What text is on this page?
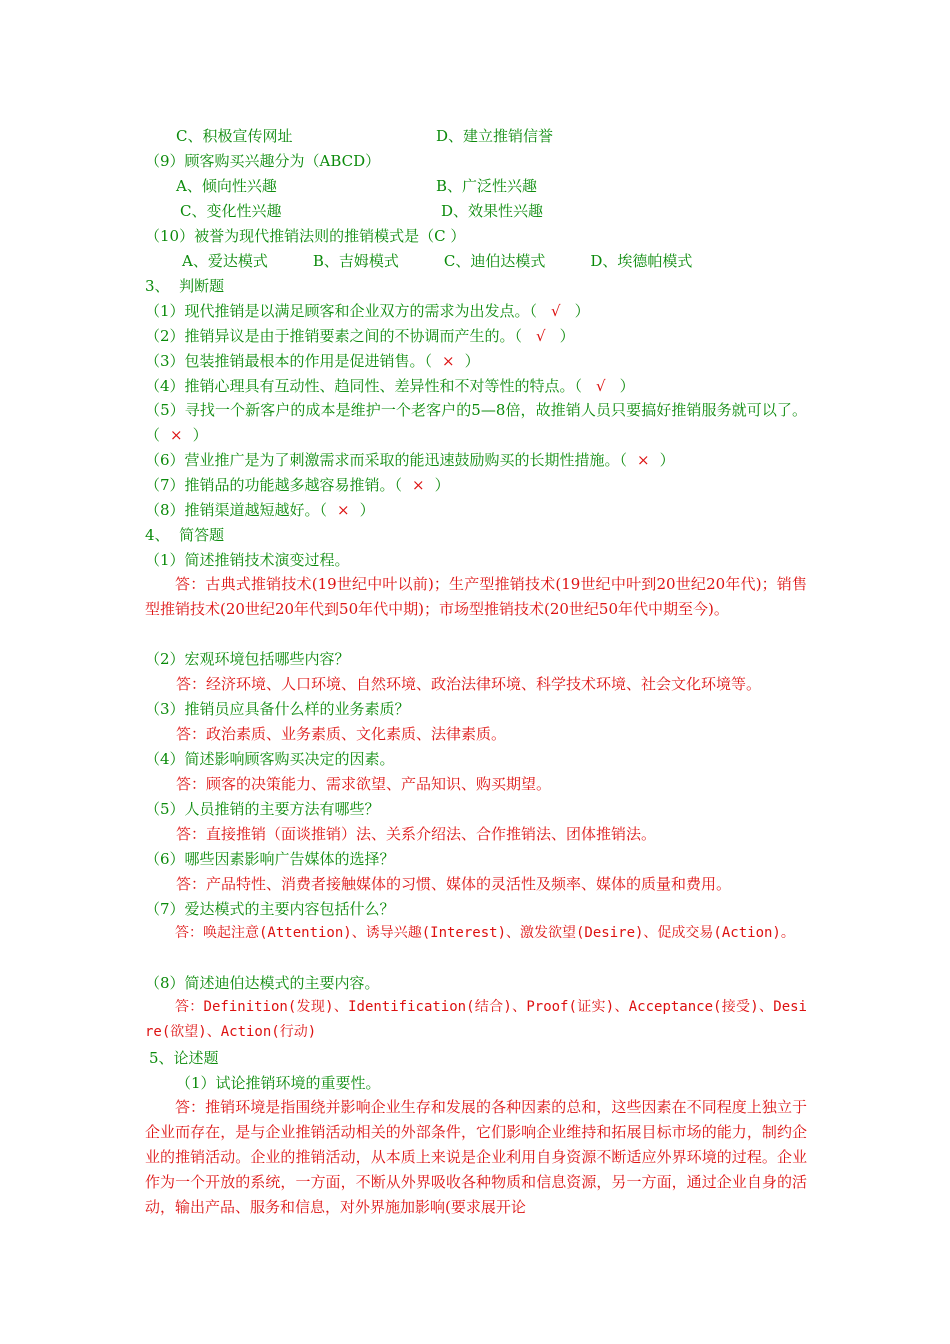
C、积极宣传网址	D、建立推销信誉
（9）顾客购买兴趣分为（ABCD）
A、倾向性兴趣	B、广泛性兴趣
C、变化性兴趣	D、效果性兴趣
（10）被誉为现代推销法则的推销模式是（C ）
A、爱达模式　　　B、吉姆模式　　　C、迪伯达模式　　　D、埃德帕模式
3、  判断题
（1）现代推销是以满足顾客和企业双方的需求为出发点。（ √ ）
（2）推销异议是由于推销要素之间的不协调而产生的。（ √ ）
（3）包装推销最根本的作用是促进销售。（ × ）
（4）推销心理具有互动性、趋同性、差异性和不对等性的特点。（ √ ）
（5）寻找一个新客户的成本是维护一个老客户的5—8倍，故推销人员只要搞好推销服务就可以了。（ × ）
（6）营业推广是为了刺激需求而采取的能迅速鼓励购买的长期性措施。（ × ）
（7）推销品的功能越多越容易推销。（ × ）
（8）推销渠道越短越好。（ × ）
4、  简答题
（1）简述推销技术演变过程。
答：古典式推销技术(19世纪中叶以前)；生产型推销技术(19世纪中叶到20世纪20年代)；销售型推销技术(20世纪20年代到50年代中期)；市场型推销技术(20世纪50年代中期至今)。
（2）宏观环境包括哪些内容？
答：经济环境、人口环境、自然环境、政治法律环境、科学技术环境、社会文化环境等。
（3）推销员应具备什么样的业务素质？
答：政治素质、业务素质、文化素质、法律素质。
（4）简述影响顾客购买决定的因素。
答：顾客的决策能力、需求欲望、产品知识、购买期望。
（5）人员推销的主要方法有哪些？
答：直接推销（面谈推销）法、关系介绍法、合作推销法、团体推销法。
（6）哪些因素影响广告媒体的选择？
答：产品特性、消费者接触媒体的习惯、媒体的灵活性及频率、媒体的质量和费用。
（7）爱达模式的主要内容包括什么？
答：唤起注意(Attention)、诱导兴趣(Interest)、激发欲望(Desire)、促成交易(Action)。
（8）简述迪伯达模式的主要内容。
答：Definition(发现)、Identification(结合)、Proof(证实)、Acceptance(接受)、Desire(欲望)、Action(行动)
5、论述题
（1）试论推销环境的重要性。
答：推销环境是指围绕并影响企业生存和发展的各种因素的总和，这些因素在不同程度上独立于企业而存在，是与企业推销活动相关的外部条件，它们影响企业维持和拓展目标市场的能力，制约企业的推销活动。企业的推销活动，从本质上来说是企业利用自身资源不断适应外界环境的过程。企业作为一个开放的系统，一方面，不断从外界吸收各种物质和信息资源，另一方面，通过企业自身的活动，输出产品、服务和信息，对外界施加影响(要求展开论
